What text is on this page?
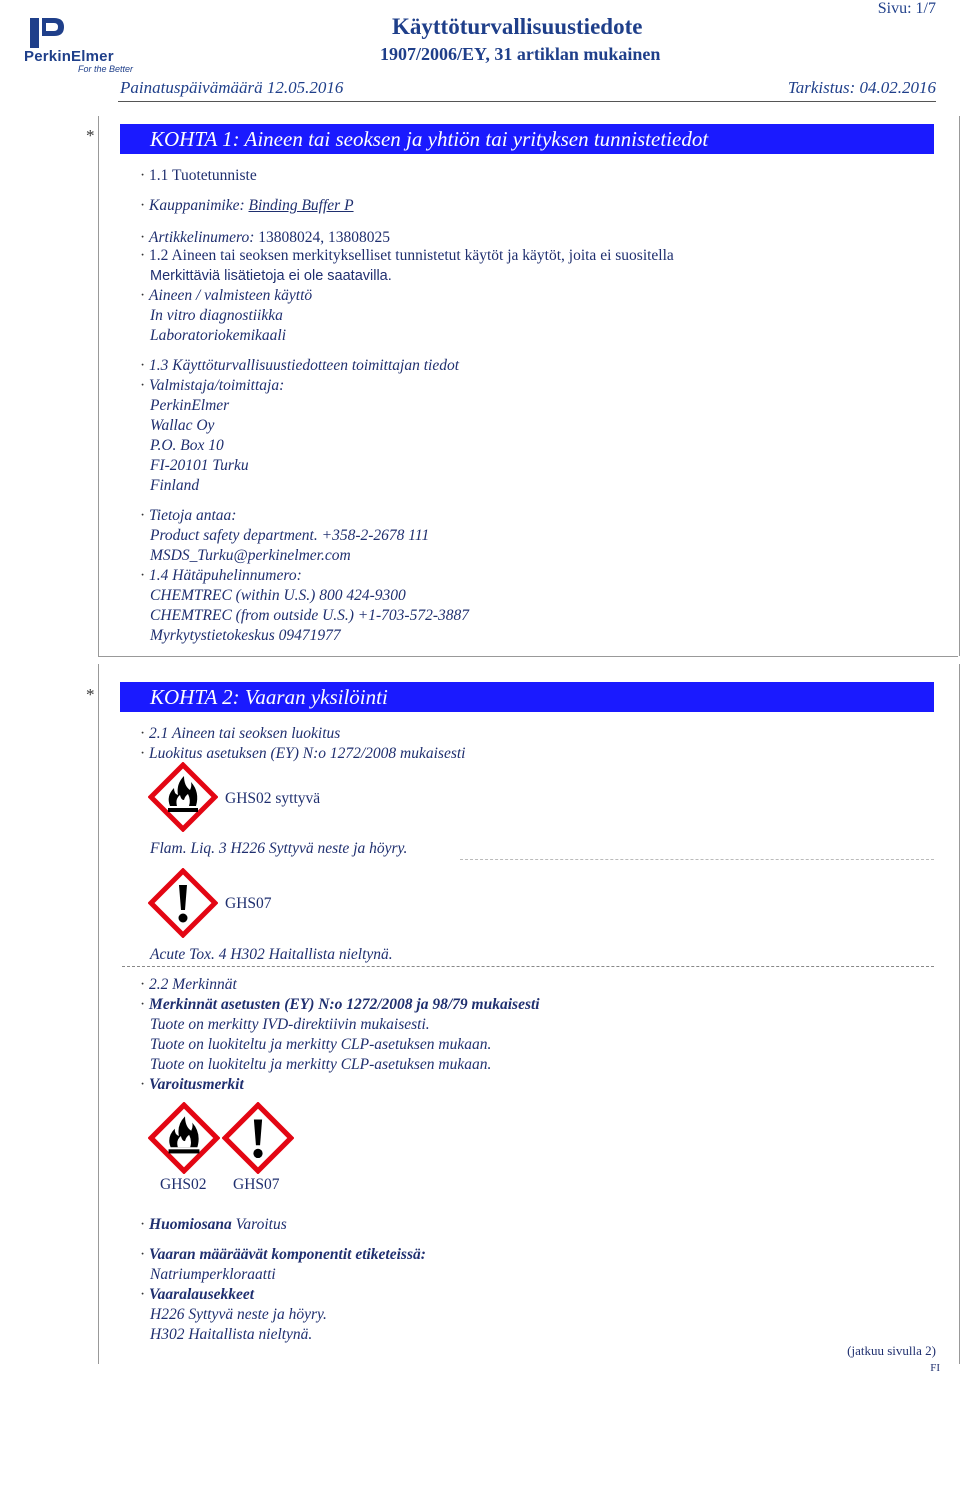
PerkinElmer
For the Better
Sivu: 1/7
Käyttöturvallisuustiedote
1907/2006/EY, 31 artiklan mukainen
Painatuspäivämäärä 12.05.2016	Tarkistus: 04.02.2016
*	KOHTA 1: Aineen tai seoksen ja yhtiön tai yrityksen tunnistetiedot
· 1.1 Tuotetunniste
· Kauppanimike: Binding Buffer P
· Artikkelinumero: 13808024, 13808025
· 1.2 Aineen tai seoksen merkitykselliset tunnistetut käytöt ja käytöt, joita ei suositella
Merkittäviä lisätietoja ei ole saatavilla.
· Aineen / valmisteen käyttö
In vitro diagnostiikka
Laboratoriokemikaali
· 1.3 Käyttöturvallisuustiedotteen toimittajan tiedot
· Valmistaja/toimittaja:
PerkinElmer
Wallac Oy
P.O. Box 10
FI-20101 Turku
Finland
· Tietoja antaa:
Product safety department. +358-2-2678 111
MSDS_Turku@perkinelmer.com
· 1.4 Hätäpuhelinnumero:
CHEMTREC (within U.S.) 800 424-9300
CHEMTREC (from outside U.S.) +1-703-572-3887
Myrkytystietokeskus 09471977
*	KOHTA 2: Vaaran yksilöinti
· 2.1 Aineen tai seoksen luokitus
· Luokitus asetuksen (EY) N:o 1272/2008 mukaisesti
GHS02 syttyvä
Flam. Liq. 3 H226 Syttyvä neste ja höyry.
GHS07
Acute Tox. 4 H302 Haitallista nieltynä.
· 2.2 Merkinnät
· Merkinnät asetusten (EY) N:o 1272/2008 ja 98/79 mukaisesti
Tuote on merkitty IVD-direktiivin mukaisesti.
Tuote on luokiteltu ja merkitty CLP-asetuksen mukaan.
Tuote on luokiteltu ja merkitty CLP-asetuksen mukaan.
· Varoitusmerkit
GHS02 GHS07
· Huomiosana Varoitus
· Vaaran määräävät komponentit etiketeissä:
Natriumperkloraatti
· Vaaralausekkeet
H226 Syttyvä neste ja höyry.
H302 Haitallista nieltynä.
(jatkuu sivulla 2)
FI
